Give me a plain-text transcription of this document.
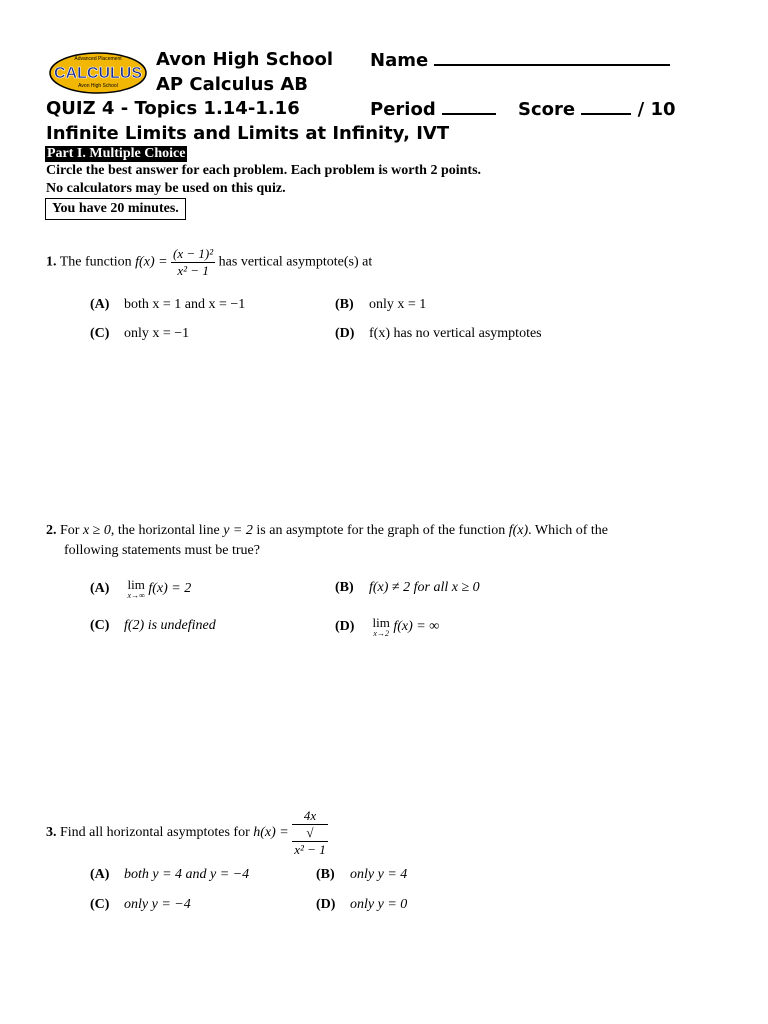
Advanced Placement
CALCULUS
Avon High School
Avon High School
AP Calculus AB
Name
QUIZ 4 - Topics 1.14-1.16	Period	Score	/ 10
Infinite Limits and Limits at Infinity, IVT
Part I. Multiple Choice
Circle the best answer for each problem. Each problem is worth 2 points.
No calculators may be used on this quiz.
You have 20 minutes.
1. The function $f(x) = \frac{\text{(x − 1)²}}{\text{x² − 1}}$ has vertical asymptote(s) at
(A) both x = 1 and x = −1	(B) only x = 1
(C) only x = −1	(D) f(x) has no vertical asymptotes
2. For x ≥ 0, the horizontal line y = 2 is an asymptote for the graph of the function f(x). Which of the
following statements must be true?
(A) lim
x→∞ f(x) = 2	(B) f(x) ≠ 2 for all x ≥ 0
(C) f(2) is undefined	(D) lim
x→2 f(x) = ∞
3. Find all horizontal asymptotes for h(x) = 4x
√
x² − 1
(A) both y = 4 and y = −4	(B) only y = 4
(C) only y = −4	(D) only y = 0
